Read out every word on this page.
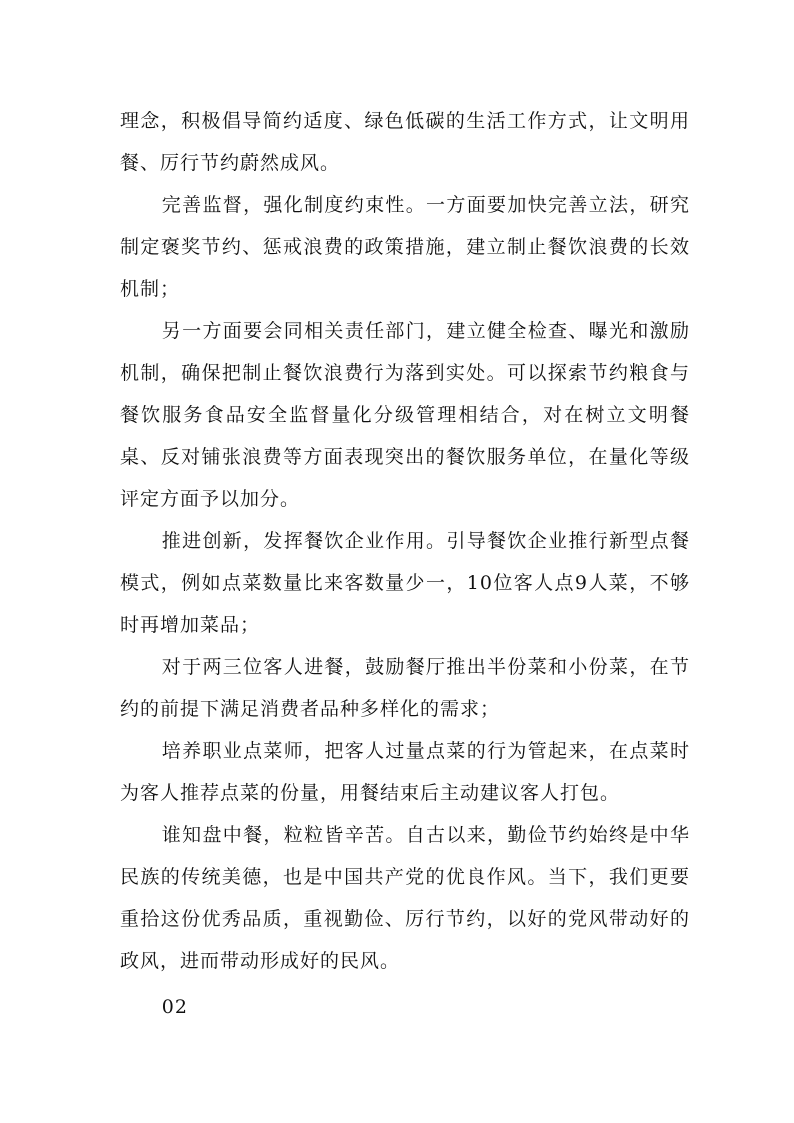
理念，积极倡导简约适度、绿色低碳的生活工作方式，让文明用餐、厉行节约蔚然成风。

完善监督，强化制度约束性。一方面要加快完善立法，研究制定褒奖节约、惩戒浪费的政策措施，建立制止餐饮浪费的长效机制；

另一方面要会同相关责任部门，建立健全检查、曝光和激励机制，确保把制止餐饮浪费行为落到实处。可以探索节约粮食与餐饮服务食品安全监督量化分级管理相结合，对在树立文明餐桌、反对铺张浪费等方面表现突出的餐饮服务单位，在量化等级评定方面予以加分。

推进创新，发挥餐饮企业作用。引导餐饮企业推行新型点餐模式，例如点菜数量比来客数量少一，10位客人点9人菜，不够时再增加菜品；

对于两三位客人进餐，鼓励餐厅推出半份菜和小份菜，在节约的前提下满足消费者品种多样化的需求；

培养职业点菜师，把客人过量点菜的行为管起来，在点菜时为客人推荐点菜的份量，用餐结束后主动建议客人打包。

谁知盘中餐，粒粒皆辛苦。自古以来，勤俭节约始终是中华民族的传统美德，也是中国共产党的优良作风。当下，我们更要重拾这份优秀品质，重视勤俭、厉行节约，以好的党风带动好的政风，进而带动形成好的民风。

02
